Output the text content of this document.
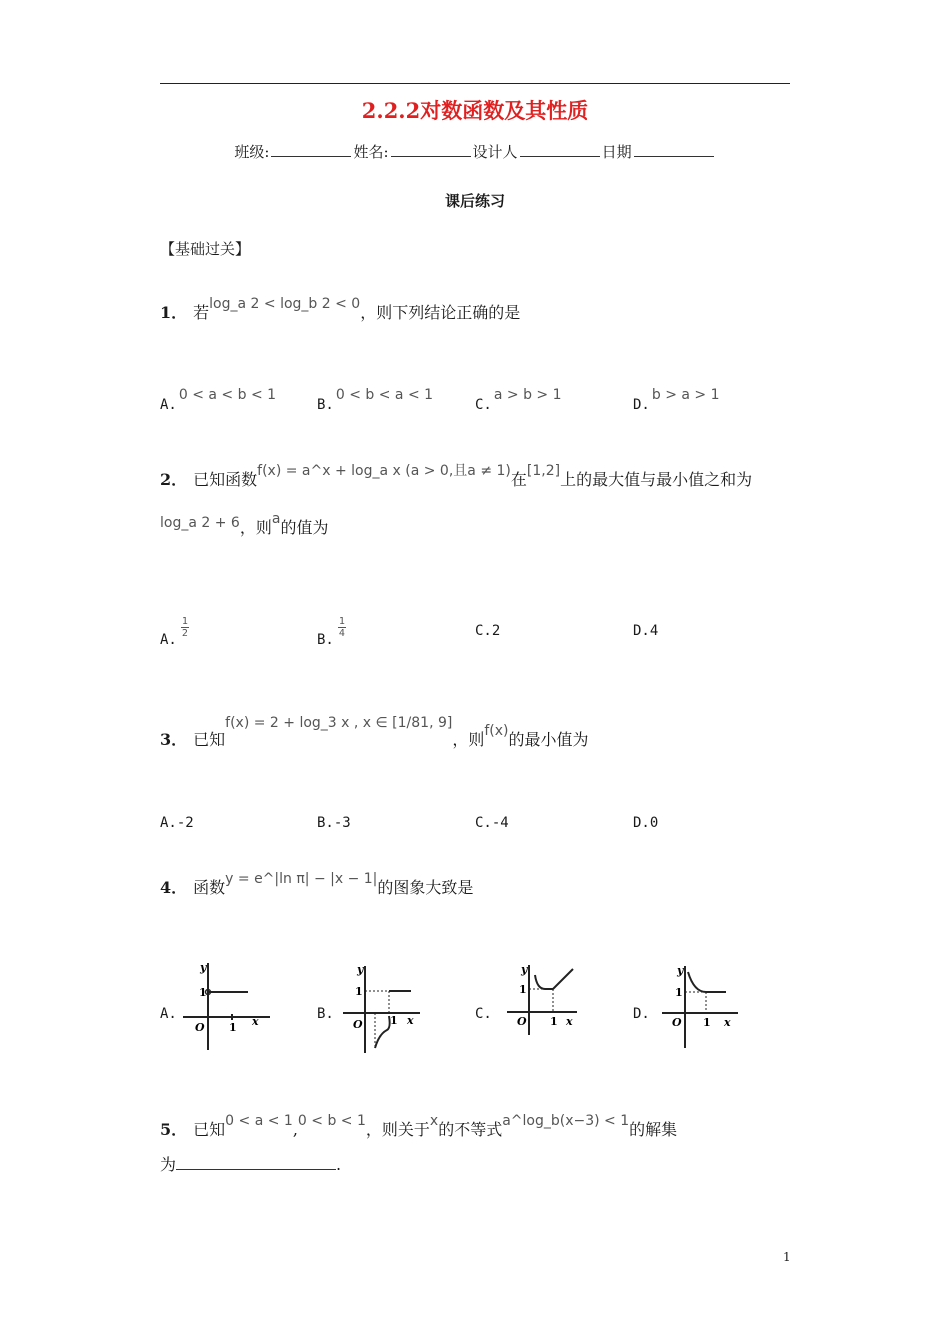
2.2.2对数函数及其性质
班级:	姓名:	设计人	日期
课后练习
【基础过关】
1． 若log_a 2 < log_b 2 < 0，则下列结论正确的是
A.0 < a < b < 1
B.0 < b < a < 1
C.a > b > 1
D.b > a > 1
2． 已知函数f(x) = a^x + log_a x (a > 0,且a ≠ 1)在[1,2]上的最大值与最小值之和为
log_a 2 + 6，则a的值为
A.
$\frac{1}{2}$
B.
$\frac{1}{4}$	C.2	D.4
3． 已知f(x) = 2 + log_3 x , x ∈ [1/81, 9]，则f(x)的最小值为
A.-2	B.-3	C.-4	D.0
4． 函数y = e^|ln π| − |x − 1|的图象大致是
A.	B.	C.	D.
y
1
O 1 x
y
1
O 1 x
y
1
O 1 x
y
1
O 1 x
5． 已知0 < a < 1,0 < b < 1，则关于x的不等式a^log_b(x−3) < 1的解集
为	.
1
